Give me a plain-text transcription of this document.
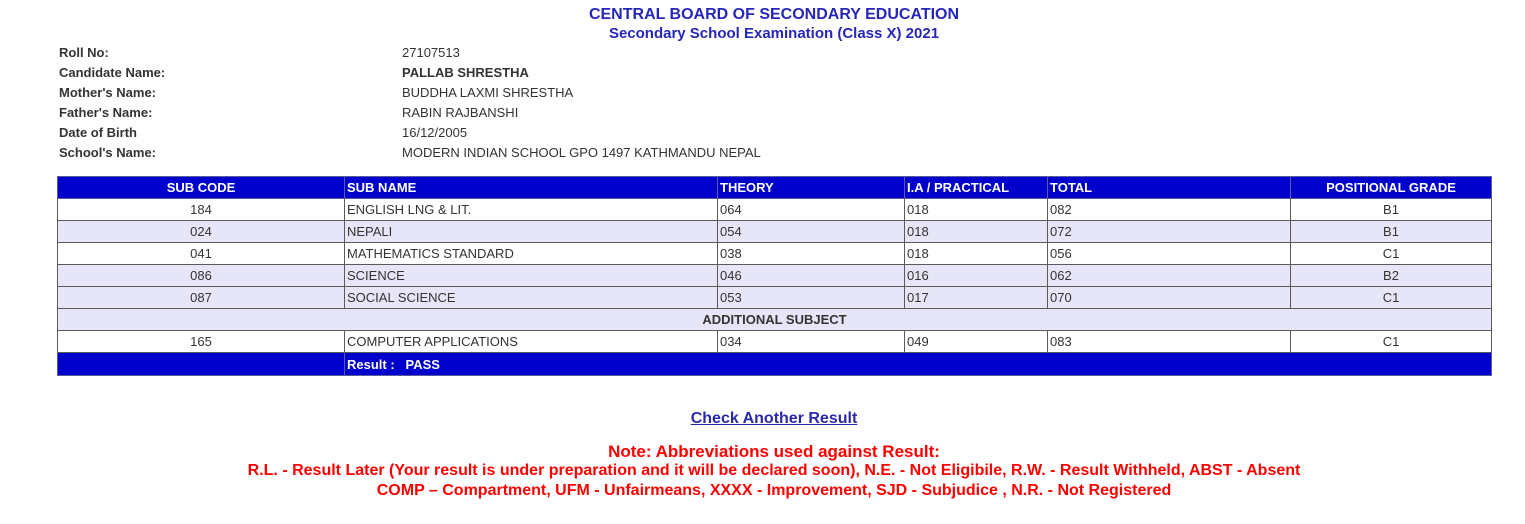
CENTRAL BOARD OF SECONDARY EDUCATION
Secondary School Examination (Class X) 2021
Roll No:	27107513
Candidate Name:	PALLAB SHRESTHA
Mother's Name:	BUDDHA LAXMI SHRESTHA
Father's Name:	RABIN RAJBANSHI
Date of Birth	16/12/2005
School's Name:	MODERN INDIAN SCHOOL GPO 1497 KATHMANDU NEPAL
SUB CODE	SUB NAME	THEORY	I.A / PRACTICAL	TOTAL	POSITIONAL GRADE
184	ENGLISH LNG & LIT.	064	018	082	B1
024	NEPALI	054	018	072	B1
041	MATHEMATICS STANDARD	038	018	056	C1
086	SCIENCE	046	016	062	B2
087	SOCIAL SCIENCE	053	017	070	C1
ADDITIONAL SUBJECT					
165	COMPUTER APPLICATIONS	034	049	083	C1
	Result : PASS				
Check Another Result
Note: Abbreviations used against Result:
R.L. - Result Later (Your result is under preparation and it will be declared soon), N.E. - Not Eligibile, R.W. - Result Withheld, ABST - Absent
COMP – Compartment, UFM - Unfairmeans, XXXX - Improvement, SJD - Subjudice , N.R. - Not Registered
